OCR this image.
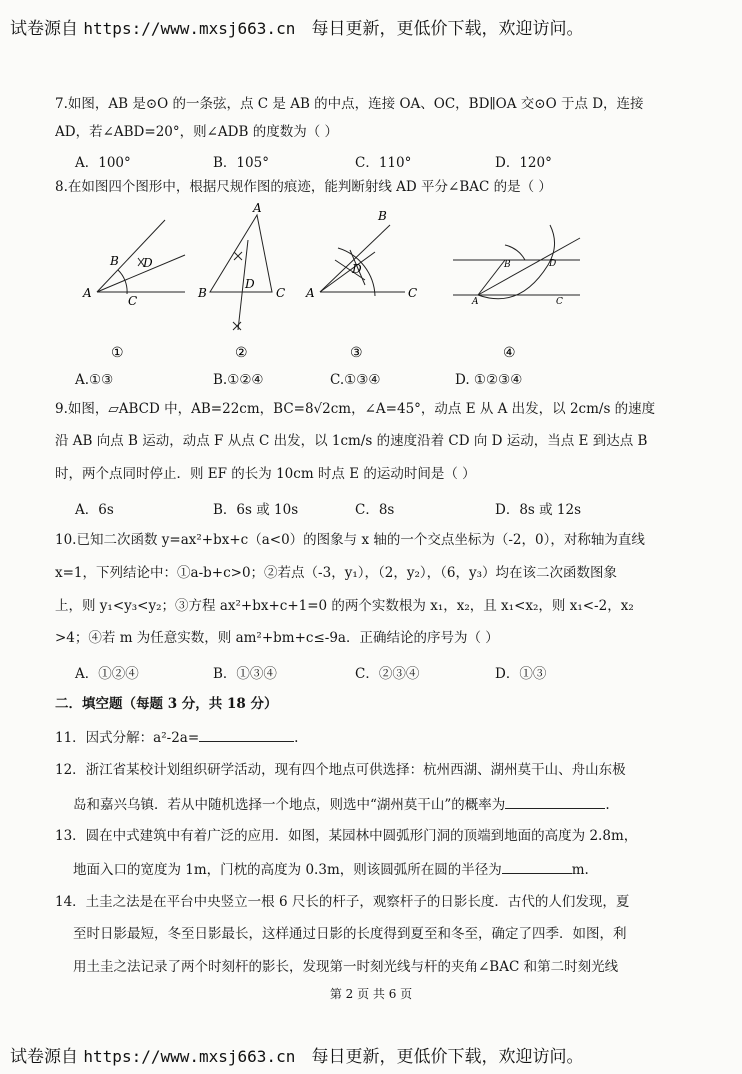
试卷源自 https://www.mxsj663.cn 每日更新，更低价下载，欢迎访问。
7.如图，AB 是⊙O 的一条弦，点 C 是 AB 的中点，连接 OA、OC，BD∥OA 交⊙O 于点 D，连接
AD，若∠ABD=20°，则∠ADB 的度数为（ ）
A．100°	B．105°	C．110°	D．120°
8.在如图四个图形中，根据尺规作图的痕迹，能判断射线 AD 平分∠BAC 的是（ ）
A
B D
C
A
B
D
C
B
D
A	C
B	D
A	C
①	②	③	④
A.①③	B.①②④	C.①③④	D. ①②③④
9.如图，▱ABCD 中，AB=22cm，BC=8√2cm，∠A=45°，动点 E 从 A 出发，以 2cm/s 的速度
沿 AB 向点 B 运动，动点 F 从点 C 出发，以 1cm/s 的速度沿着 CD 向 D 运动，当点 E 到达点 B
时，两个点同时停止．则 EF 的长为 10cm 时点 E 的运动时间是（ ）
A．6s	B．6s 或 10s	C．8s	D．8s 或 12s
10.已知二次函数 y=ax²+bx+c（a<0）的图象与 x 轴的一个交点坐标为（-2，0），对称轴为直线
x=1，下列结论中：①a-b+c>0；②若点（-3，y₁），（2，y₂），（6，y₃）均在该二次函数图象
上，则 y₁<y₃<y₂；③方程 ax²+bx+c+1=0 的两个实数根为 x₁，x₂，且 x₁<x₂，则 x₁<-2，x₂
>4；④若 m 为任意实数，则 am²+bm+c≤-9a．正确结论的序号为（ ）
A．①②④	B．①③④	C．②③④	D．①③
二．填空题（每题 3 分，共 18 分）
11．因式分解：a²-2a=	.
12．浙江省某校计划组织研学活动，现有四个地点可供选择：杭州西湖、湖州莫干山、舟山东极
岛和嘉兴乌镇．若从中随机选择一个地点，则选中“湖州莫干山”的概率为	.
13．圆在中式建筑中有着广泛的应用．如图，某园林中圆弧形门洞的顶端到地面的高度为 2.8m，
地面入口的宽度为 1m，门枕的高度为 0.3m，则该圆弧所在圆的半径为	m.
14．土圭之法是在平台中央竖立一根 6 尺长的杆子，观察杆子的日影长度．古代的人们发现，夏
至时日影最短，冬至日影最长，这样通过日影的长度得到夏至和冬至，确定了四季．如图，利
用土圭之法记录了两个时刻杆的影长，发现第一时刻光线与杆的夹角∠BAC 和第二时刻光线
第 2 页 共 6 页
试卷源自 https://www.mxsj663.cn 每日更新，更低价下载，欢迎访问。
